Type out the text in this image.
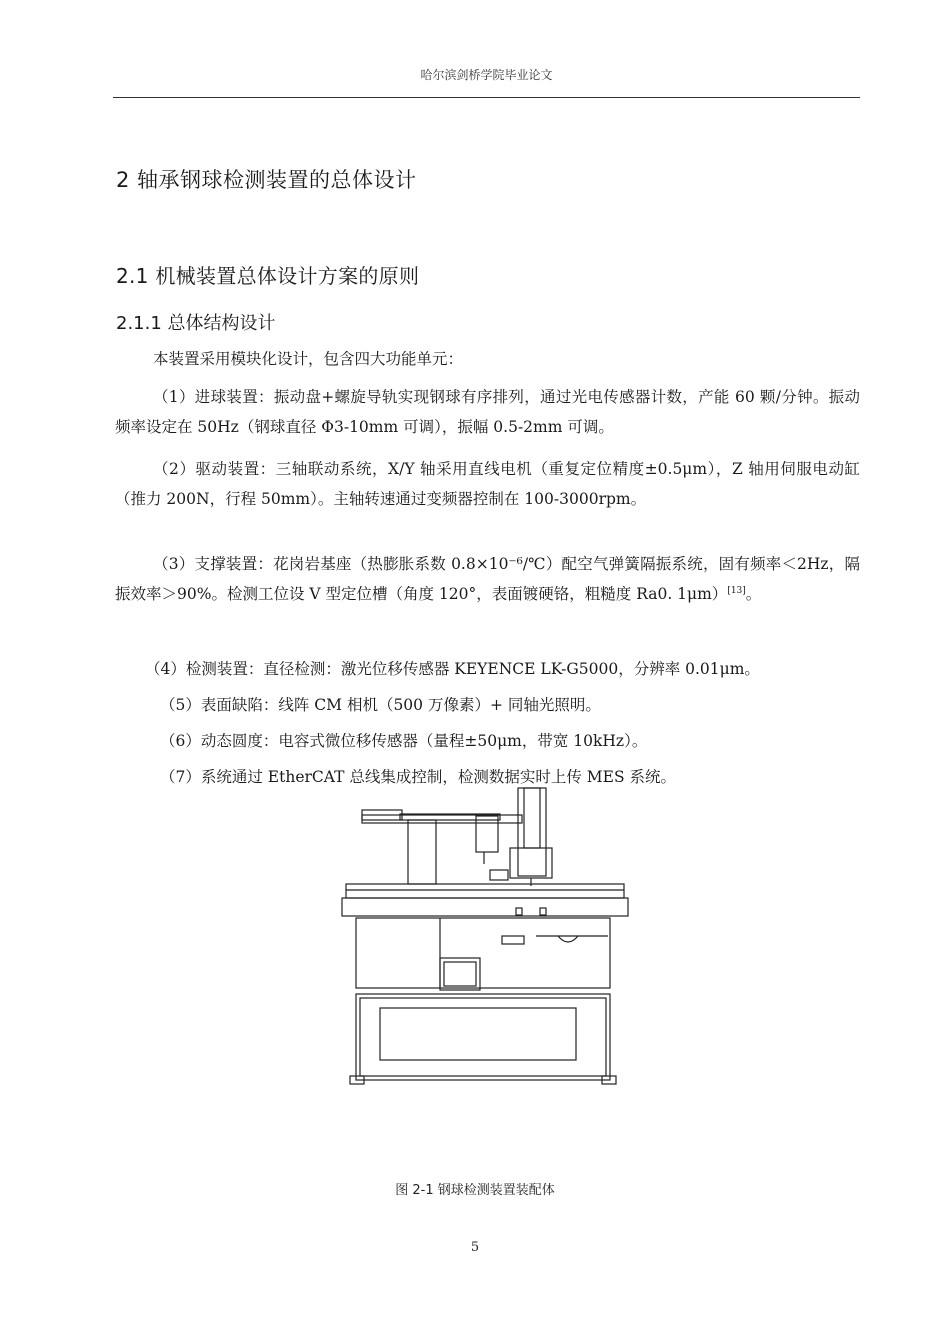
哈尔滨剑桥学院毕业论文
2 轴承钢球检测装置的总体设计
2.1 机械装置总体设计方案的原则
2.1.1 总体结构设计
本装置采用模块化设计，包含四大功能单元：
（1）进球装置：振动盘+螺旋导轨实现钢球有序排列，通过光电传感器计数，产能 60 颗/分钟。振动频率设定在 50Hz（钢球直径 Φ3-10mm 可调），振幅 0.5-2mm 可调。
（2）驱动装置：三轴联动系统，X/Y 轴采用直线电机（重复定位精度±0.5μm），Z 轴用伺服电动缸（推力 200N，行程 50mm）。主轴转速通过变频器控制在 100-3000rpm。
（3）支撑装置：花岗岩基座（热膨胀系数 0.8×10⁻⁶/℃）配空气弹簧隔振系统，固有频率＜2Hz，隔振效率＞90%。检测工位设 V 型定位槽（角度 120°，表面镀硬铬，粗糙度 Ra0. 1μm）[13]。
（4）检测装置：直径检测：激光位移传感器 KEYENCE LK-G5000，分辨率 0.01μm。
（5）表面缺陷：线阵 CM 相机（500 万像素）+ 同轴光照明。
（6）动态圆度：电容式微位移传感器（量程±50μm，带宽 10kHz）。
（7）系统通过 EtherCAT 总线集成控制，检测数据实时上传 MES 系统。
图 2-1 钢球检测装置装配体
5
